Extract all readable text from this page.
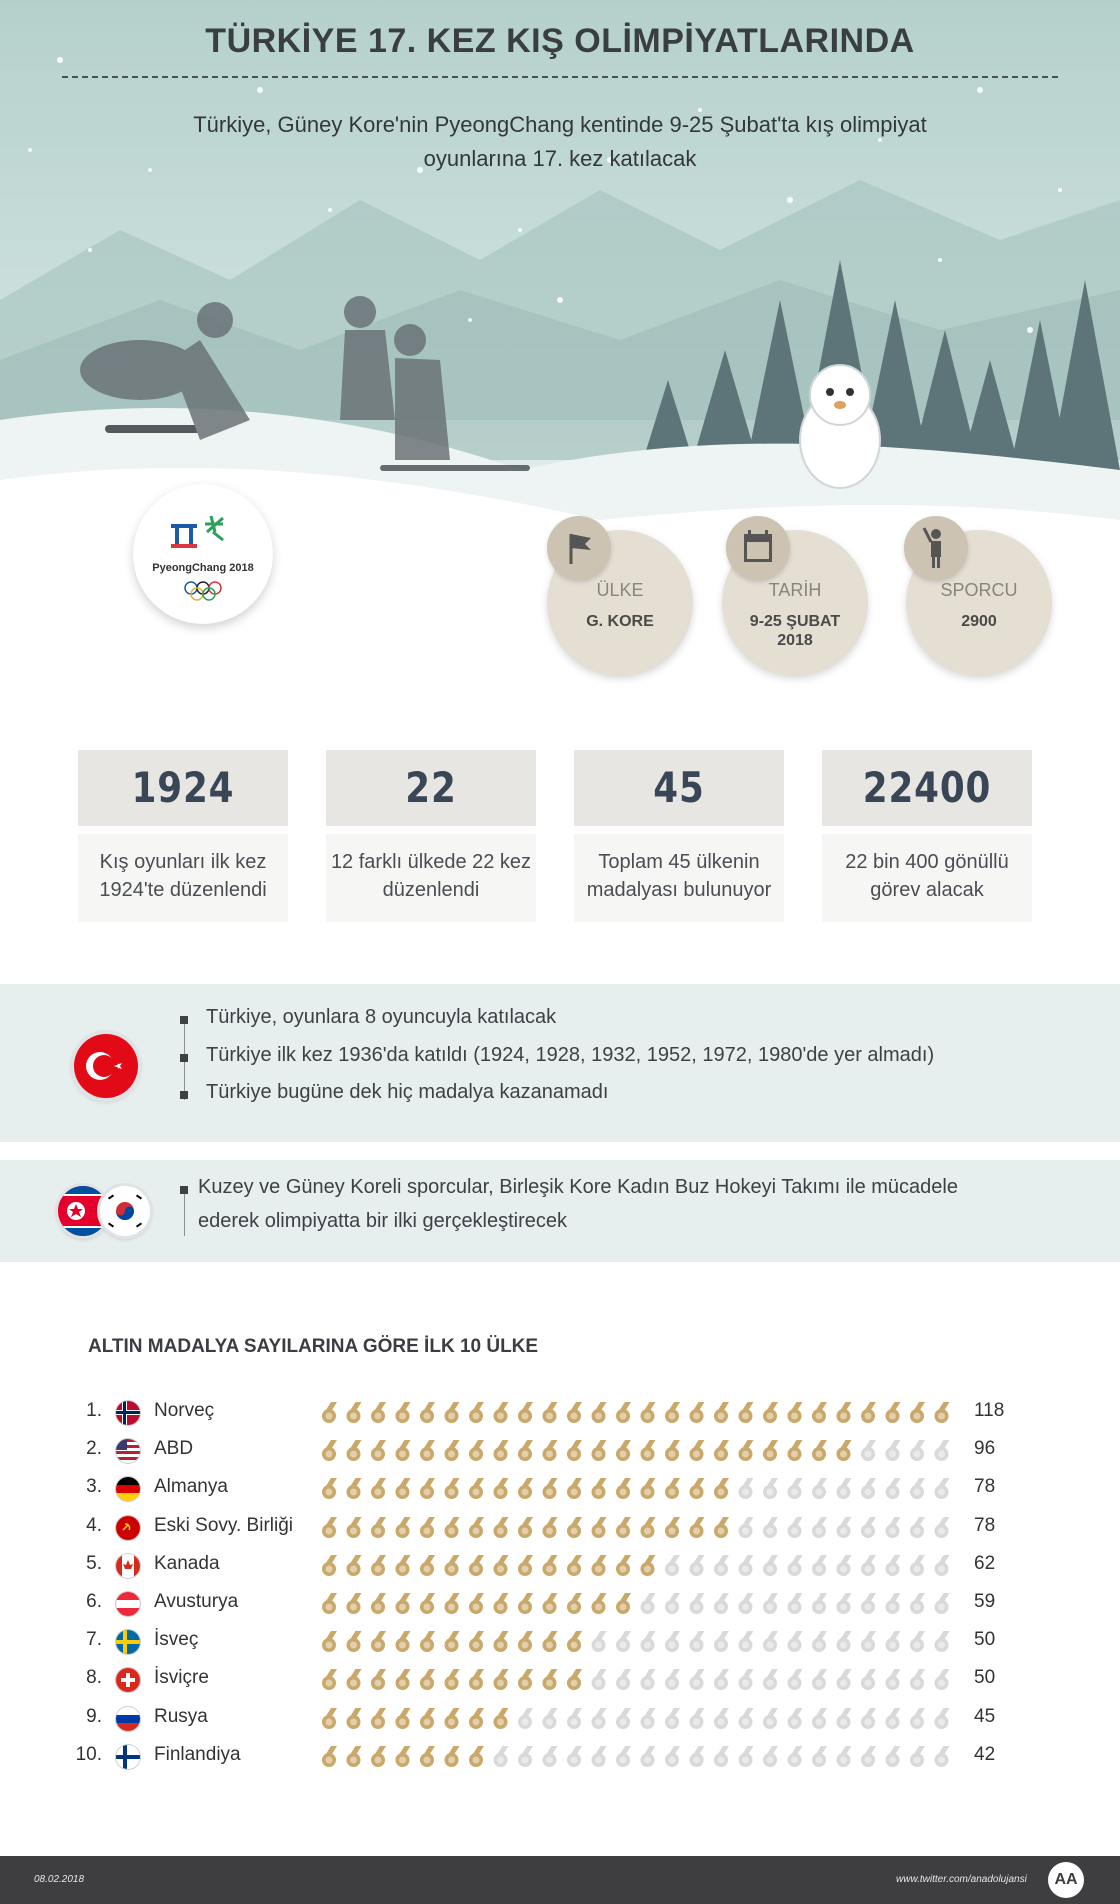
TÜRKİYE 17. KEZ KIŞ OLİMPİYATLARINDA
Türkiye, Güney Kore'nin PyeongChang kentinde 9-25 Şubat'ta kış olimpiyat oyunlarına 17. kez katılacak
PyeongChang 2018
ÜLKE
G. KORE
TARİH
9-25 ŞUBAT 2018
SPORCU
2900
1924
Kış oyunları ilk kez 1924'te düzenlendi
22
12 farklı ülkede 22 kez düzenlendi
45
Toplam 45 ülkenin madalyası bulunuyor
22400
22 bin 400 gönüllü görev alacak
Türkiye, oyunlara 8 oyuncuyla katılacak
Türkiye ilk kez 1936'da katıldı (1924, 1928, 1932, 1952, 1972, 1980'de yer almadı)
Türkiye bugüne dek hiç madalya kazanamadı
Kuzey ve Güney Koreli sporcular, Birleşik Kore Kadın Buz Hokeyi Takımı ile mücadele
ederek olimpiyatta bir ilki gerçekleştirecek
ALTIN MADALYA SAYILARINA GÖRE İLK 10 ÜLKE
1.	Norveç	118
2.	ABD	96
3.	Almanya	78
4.	Eski Sovy. Birliği	78
5.	Kanada	62
6.	Avusturya	59
7.	İsveç	50
8.	İsviçre	50
9.	Rusya	45
10.	Finlandiya	42
08.02.2018	www.twitter.com/anadolujansi	AA
